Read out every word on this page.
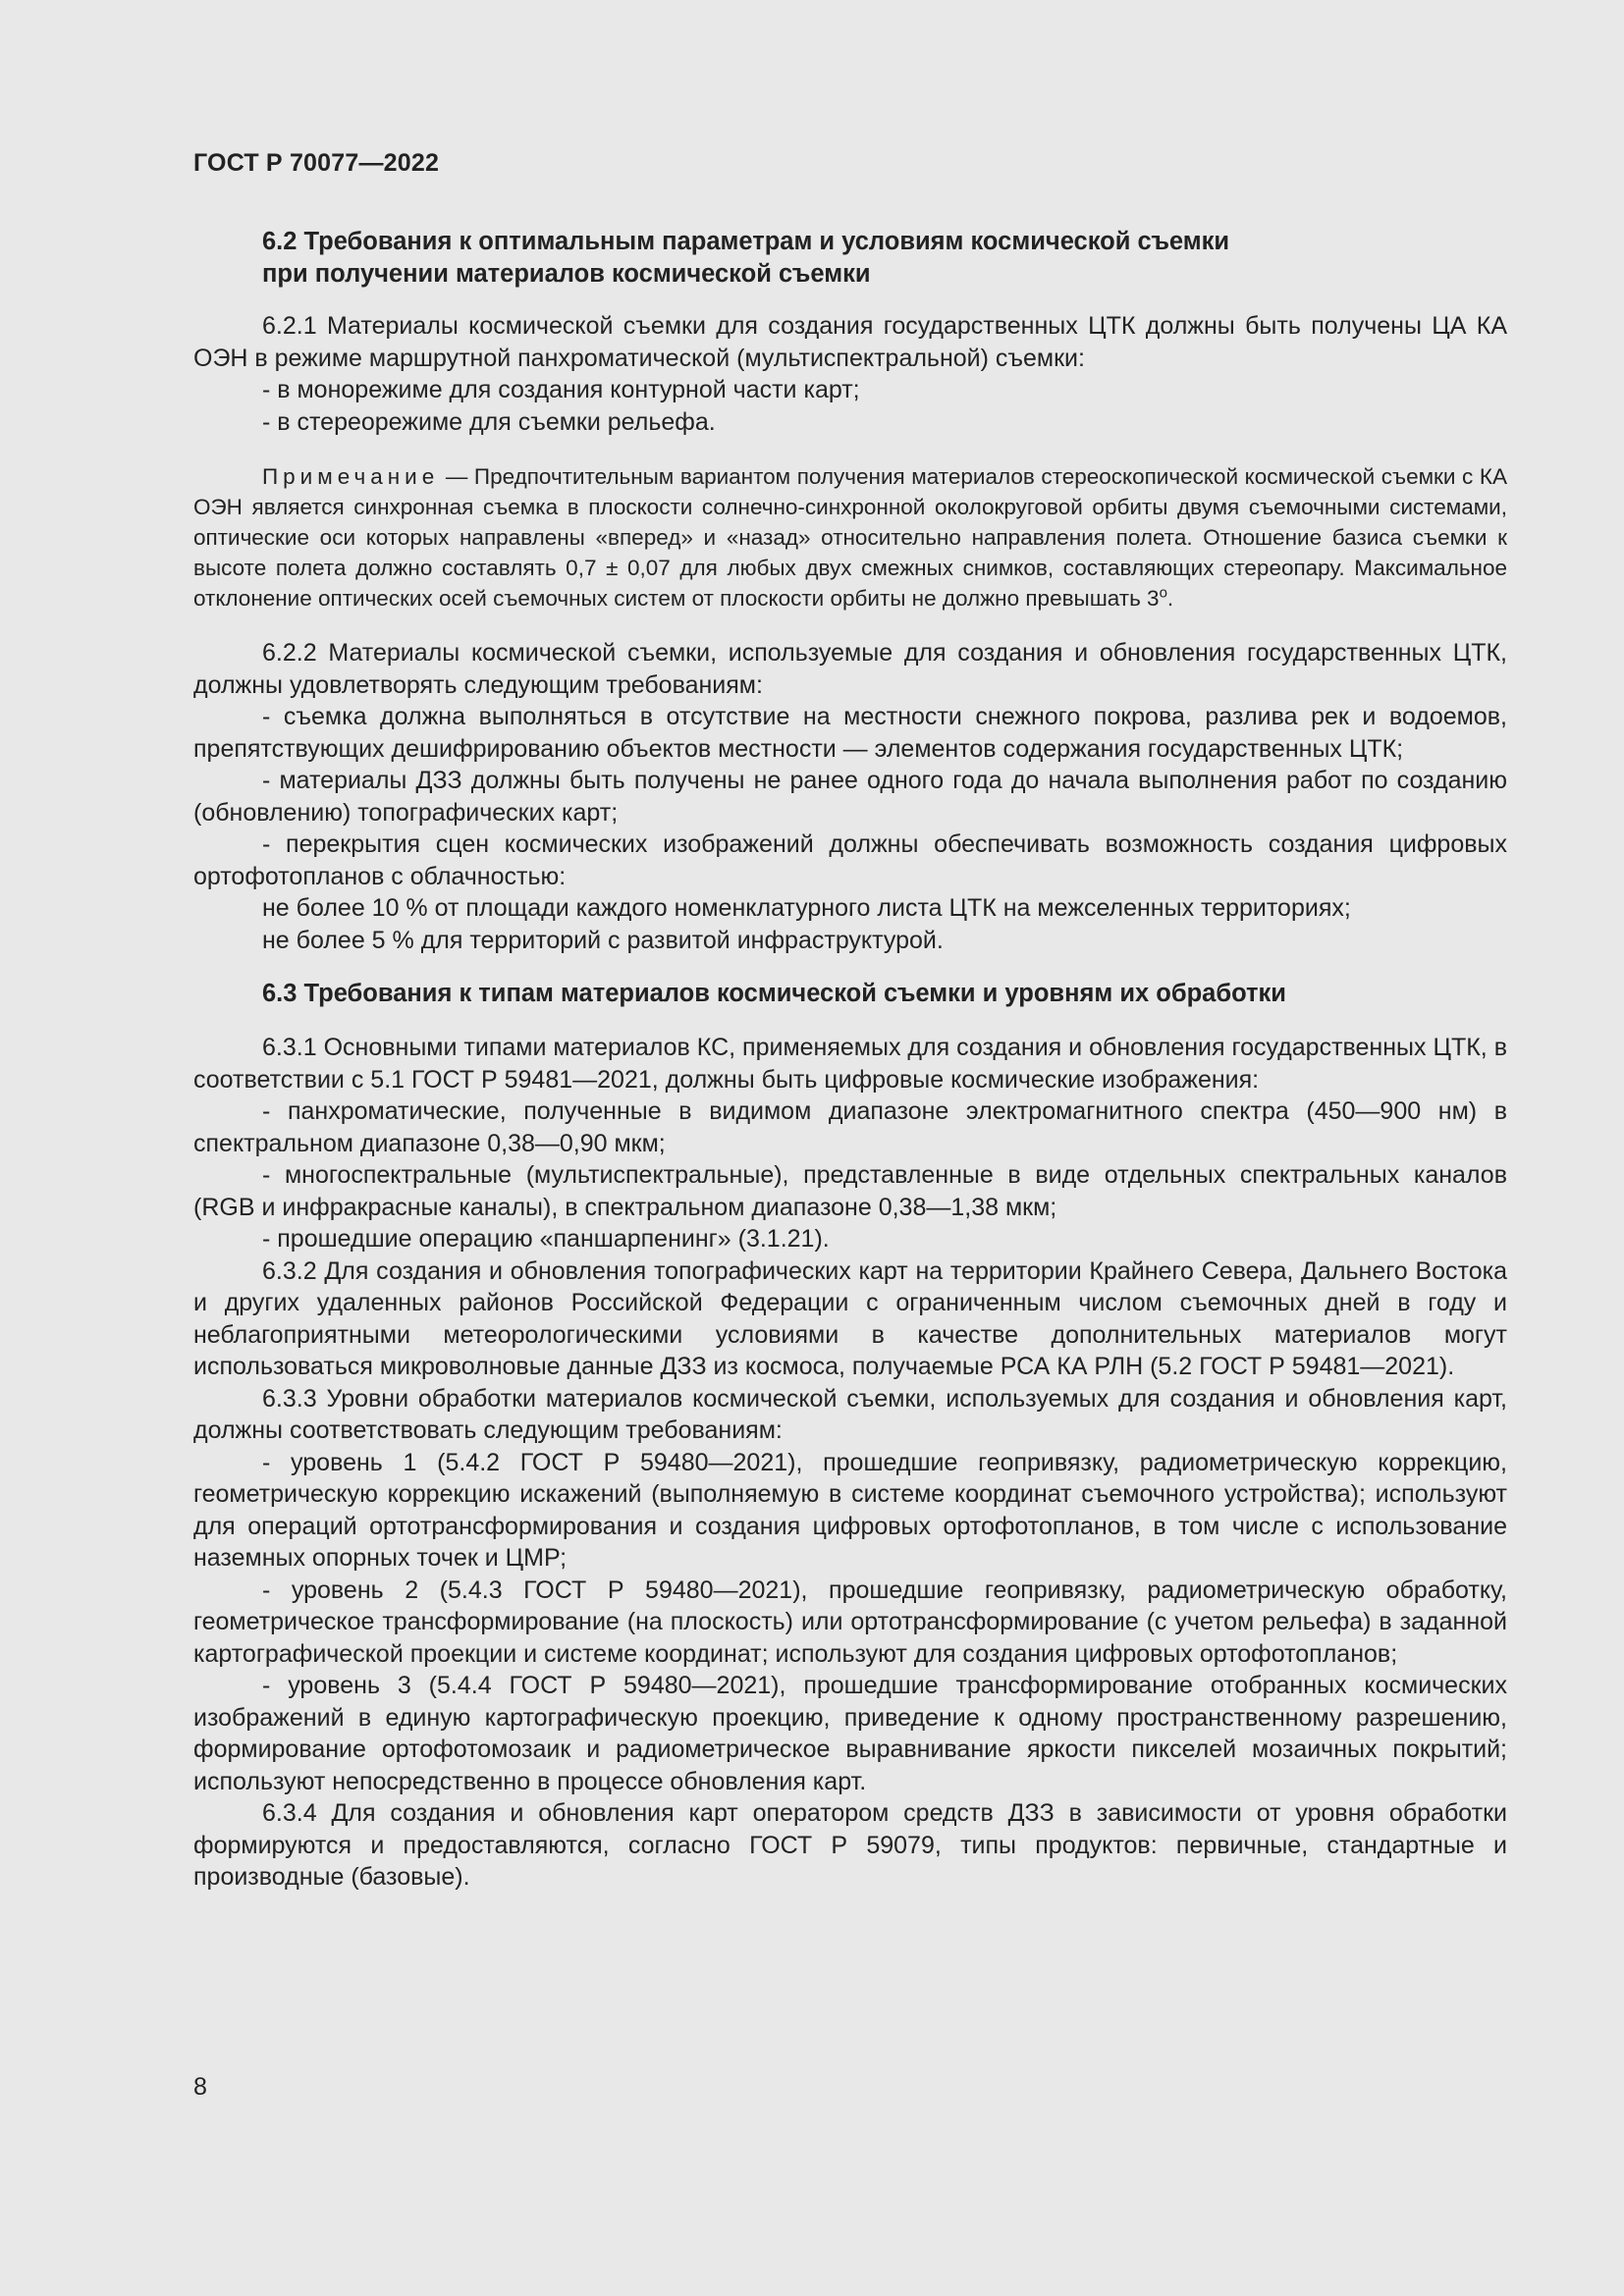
ГОСТ Р 70077—2022

6.2 Требования к оптимальным параметрам и условиям космической съемки

при получении материалов космической съемки

6.2.1 Материалы космической съемки для создания государственных ЦТК должны быть получены ЦА КА ОЭН в режиме маршрутной панхроматической (мультиспектральной) съемки:

- в монорежиме для создания контурной части карт;

- в стереорежиме для съемки рельефа.

Примечание — Предпочтительным вариантом получения материалов стереоскопической космической съемки с КА ОЭН является синхронная съемка в плоскости солнечно-синхронной околокруговой орбиты двумя съемочными системами, оптические оси которых направлены «вперед» и «назад» относительно направления полета. Отношение базиса съемки к высоте полета должно составлять 0,7 ± 0,07 для любых двух смежных снимков, составляющих стереопару. Максимальное отклонение оптических осей съемочных систем от плоскости орбиты не должно превышать $3^о$.

6.2.2 Материалы космической съемки, используемые для создания и обновления государственных ЦТК, должны удовлетворять следующим требованиям:

- съемка должна выполняться в отсутствие на местности снежного покрова, разлива рек и водоемов, препятствующих дешифрированию объектов местности — элементов содержания государственных ЦТК;

- материалы ДЗЗ должны быть получены не ранее одного года до начала выполнения работ по созданию (обновлению) топографических карт;

- перекрытия сцен космических изображений должны обеспечивать возможность создания цифровых ортофотопланов с облачностью:

не более 10 % от площади каждого номенклатурного листа ЦТК на межселенных территориях;

не более 5 % для территорий с развитой инфраструктурой.

6.3 Требования к типам материалов космической съемки и уровням их обработки

6.3.1 Основными типами материалов КС, применяемых для создания и обновления государственных ЦТК, в соответствии с 5.1 ГОСТ Р 59481—2021, должны быть цифровые космические изображения:

- панхроматические, полученные в видимом диапазоне электромагнитного спектра (450—900 нм) в спектральном диапазоне 0,38—0,90 мкм;

- многоспектральные (мультиспектральные), представленные в виде отдельных спектральных каналов (RGB и инфракрасные каналы), в спектральном диапазоне 0,38—1,38 мкм;

- прошедшие операцию «паншарпенинг» (3.1.21).

6.3.2 Для создания и обновления топографических карт на территории Крайнего Севера, Дальнего Востока и других удаленных районов Российской Федерации с ограниченным числом съемочных дней в году и неблагоприятными метеорологическими условиями в качестве дополнительных материалов могут использоваться микроволновые данные ДЗЗ из космоса, получаемые РСА КА РЛН (5.2 ГОСТ Р 59481—2021).

6.3.3 Уровни обработки материалов космической съемки, используемых для создания и обновления карт, должны соответствовать следующим требованиям:

- уровень 1 (5.4.2 ГОСТ Р 59480—2021), прошедшие геопривязку, радиометрическую коррекцию, геометрическую коррекцию искажений (выполняемую в системе координат съемочного устройства); используют для операций ортотрансформирования и создания цифровых ортофотопланов, в том числе с использование наземных опорных точек и ЦМР;

- уровень 2 (5.4.3 ГОСТ Р 59480—2021), прошедшие геопривязку, радиометрическую обработку, геометрическое трансформирование (на плоскость) или ортотрансформирование (с учетом рельефа) в заданной картографической проекции и системе координат; используют для создания цифровых ортофотопланов;

- уровень 3 (5.4.4 ГОСТ Р 59480—2021), прошедшие трансформирование отобранных космических изображений в единую картографическую проекцию, приведение к одному пространственному разрешению, формирование ортофотомозаик и радиометрическое выравнивание яркости пикселей мозаичных покрытий; используют непосредственно в процессе обновления карт.

6.3.4 Для создания и обновления карт оператором средств ДЗЗ в зависимости от уровня обработки формируются и предоставляются, согласно ГОСТ Р 59079, типы продуктов: первичные, стандартные и производные (базовые).

8
